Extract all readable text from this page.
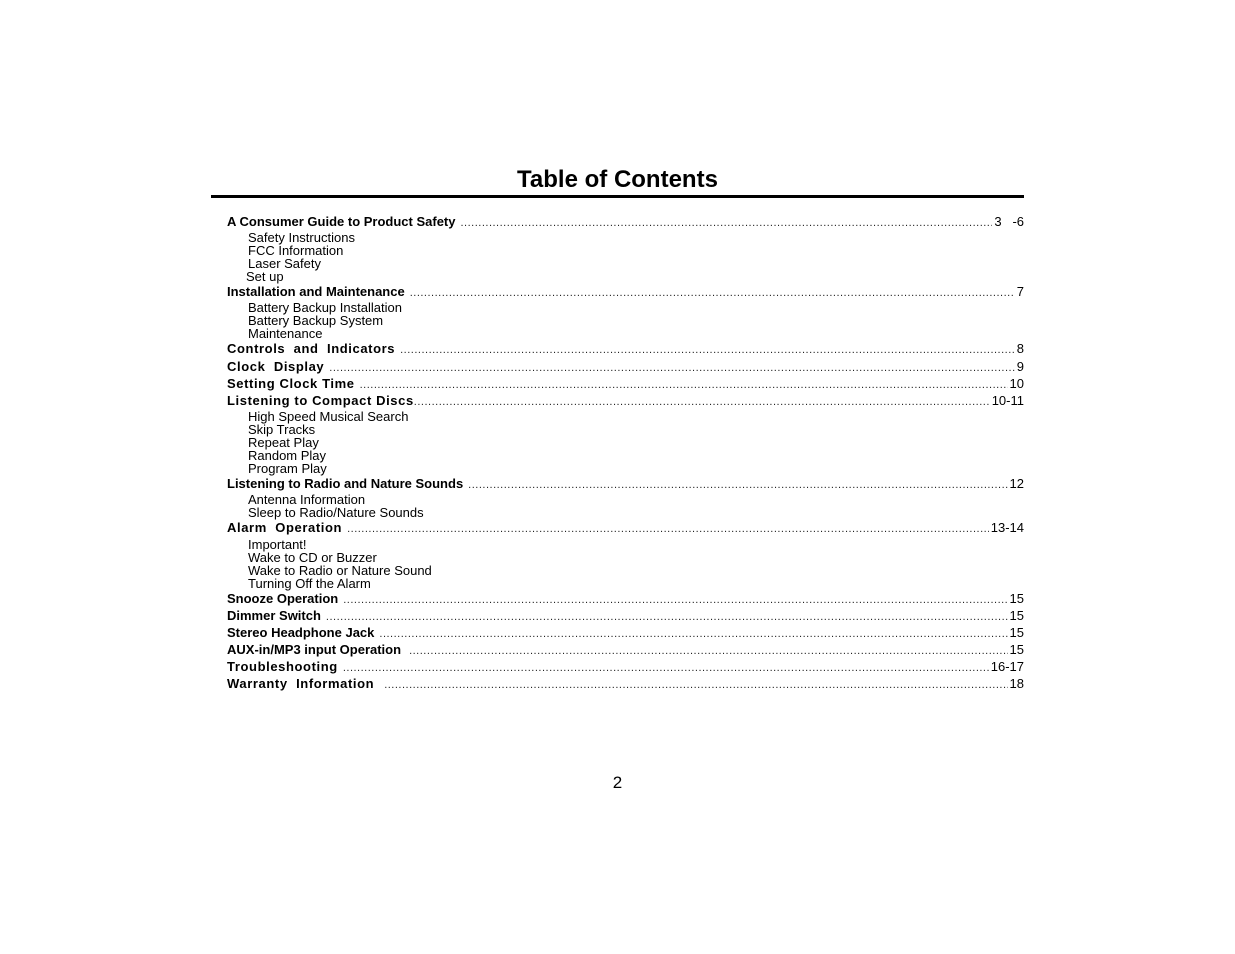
Table of Contents
A Consumer Guide to Product Safety .....	3   -6
Safety Instructions
FCC Information
Laser Safety
Set up
Installation and Maintenance .....	7
Battery Backup Installation
Battery Backup System
Maintenance
Controls  and  Indicators .....	8
Clock  Display .....	9
Setting Clock Time .....	10
Listening to Compact Discs .....	10-11
High Speed Musical Search
Skip Tracks
Repeat Play
Random Play
Program Play
Listening to Radio and Nature Sounds .....	12
Antenna Information
Sleep to Radio/Nature Sounds
Alarm  Operation .....	13-14
Important!
Wake to CD or Buzzer
Wake to Radio or Nature Sound
Turning Off the Alarm
Snooze Operation .....	15
Dimmer Switch .....	15
Stereo Headphone Jack .....	15
AUX-in/MP3 input Operation .....	15
Troubleshooting .....	16-17
Warranty  Information .....	18
2
